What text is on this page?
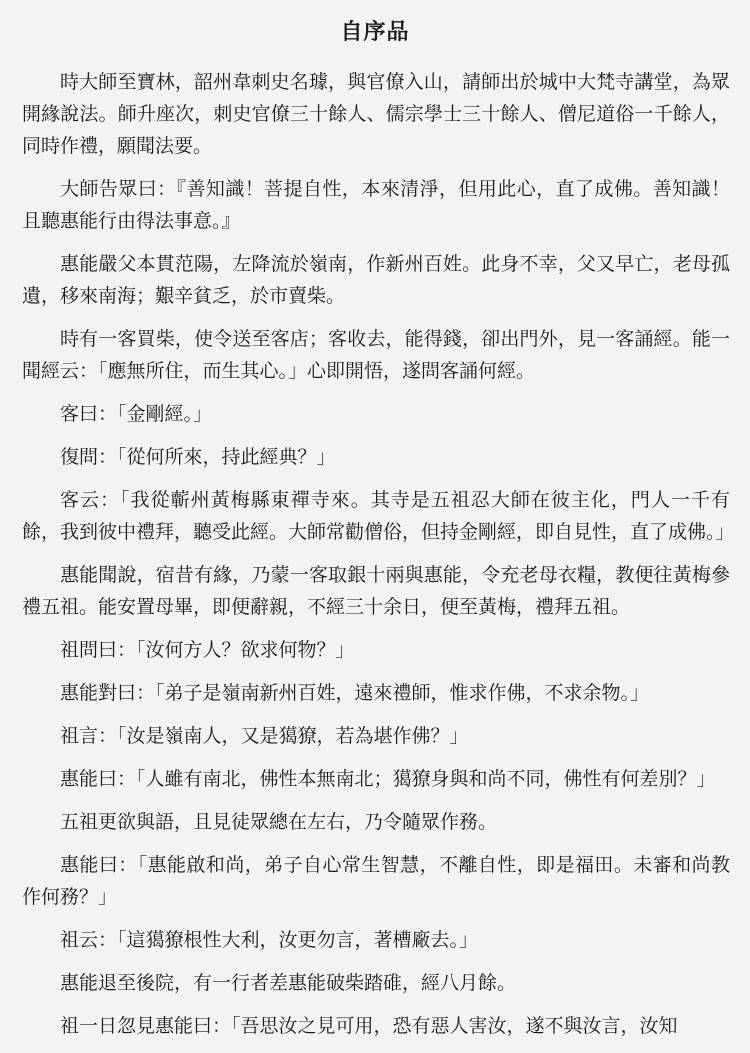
自序品

時大師至寶林，韶州韋刺史名璩，與官僚入山，請師出於城中大梵寺講堂，為眾開緣說法。師升座次，刺史官僚三十餘人、儒宗學士三十餘人、僧尼道俗一千餘人，同時作禮，願聞法要。

大師告眾曰：『善知識！菩提自性，本來清淨，但用此心，直了成佛。善知識！且聽惠能行由得法事意。』

惠能嚴父本貫范陽，左降流於嶺南，作新州百姓。此身不幸，父又早亡，老母孤遺，移來南海；艱辛貧乏，於市賣柴。

時有一客買柴，使令送至客店；客收去，能得錢，卻出門外，見一客誦經。能一聞經云：「應無所住，而生其心。」心即開悟，遂問客誦何經。

客曰：「金剛經。」

復問：「從何所來，持此經典？」

客云：「我從蘄州黃梅縣東禪寺來。其寺是五祖忍大師在彼主化，門人一千有餘，我到彼中禮拜，聽受此經。大師常勸僧俗，但持金剛經，即自見性，直了成佛。」

惠能聞說，宿昔有緣，乃蒙一客取銀十兩與惠能，令充老母衣糧，教便往黃梅參禮五祖。能安置母畢，即便辭親，不經三十余日，便至黃梅，禮拜五祖。

祖問曰：「汝何方人？欲求何物？」

惠能對曰：「弟子是嶺南新州百姓，遠來禮師，惟求作佛，不求余物。」

祖言：「汝是嶺南人，又是獦獠，若為堪作佛？」

惠能曰：「人雖有南北，佛性本無南北；獦獠身與和尚不同，佛性有何差別？」

五祖更欲與語，且見徒眾總在左右，乃令隨眾作務。

惠能曰：「惠能啟和尚，弟子自心常生智慧，不離自性，即是福田。未審和尚教作何務？」

祖云：「這獦獠根性大利，汝更勿言，著槽廠去。」

惠能退至後院，有一行者差惠能破柴踏碓，經八月餘。

祖一日忽見惠能曰：「吾思汝之見可用，恐有惡人害汝，遂不與汝言，汝知
